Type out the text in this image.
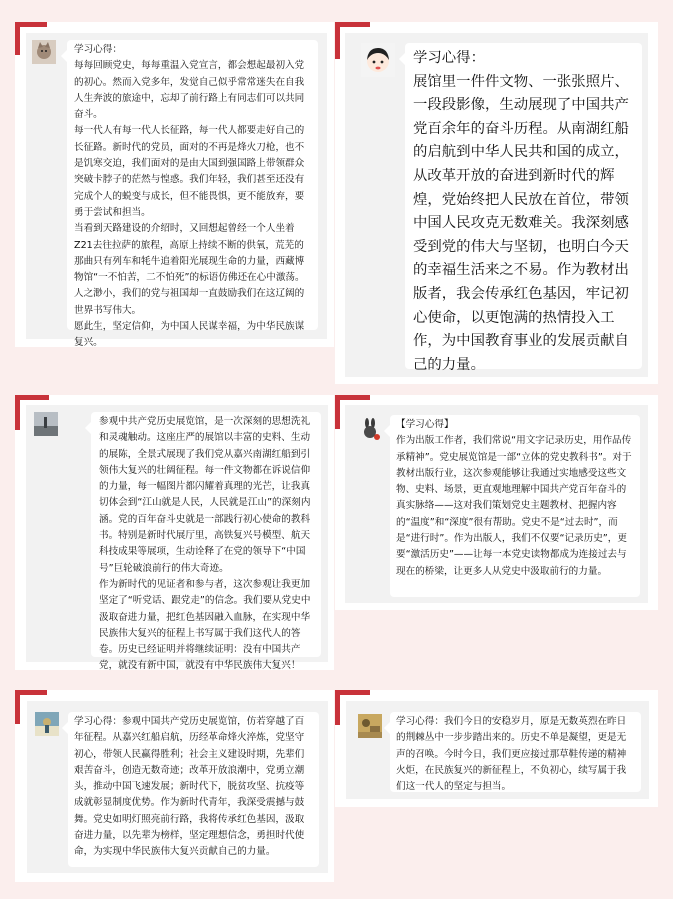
学习心得：

每每回顾党史，每每重温入党宣言，都会想起最初入党的初心。然而入党多年，发觉自己似乎常常迷失在自我人生奔波的旅途中，忘却了前行路上有同志们可以共同奋斗。

每一代人有每一代人长征路，每一代人都要走好自己的长征路。新时代的党员，面对的不再是烽火刀枪，也不是饥寒交迫，我们面对的是由大国到强国路上带领群众突破卡脖子的茫然与惶惑。我们年轻，我们甚至还没有完成个人的蜕变与成长，但不能畏惧，更不能放弃，要勇于尝试和担当。

当看到天路建设的介绍时，又回想起曾经一个人坐着Z21去往拉萨的旅程，高原上持续不断的供氧，荒芜的那曲只有列车和牦牛追着阳光展现生命的力量，西藏博物馆“一不怕苦，二不怕死”的标语仿佛还在心中激荡。人之渺小，我们的党与祖国却一直鼓励我们在这辽阔的世界书写伟大。

愿此生，坚定信仰，为中国人民谋幸福，为中华民族谋复兴。

学习心得：

展馆里一件件文物、一张张照片、一段段影像，生动展现了中国共产党百余年的奋斗历程。从南湖红船的启航到中华人民共和国的成立，从改革开放的奋进到新时代的辉煌，党始终把人民放在首位，带领中国人民攻克无数难关。我深刻感受到党的伟大与坚韧，也明白今天的幸福生活来之不易。作为教材出版者，我会传承红色基因，牢记初心使命，以更饱满的热情投入工作，为中国教育事业的发展贡献自己的力量。

参观中共产党历史展览馆，是一次深刻的思想洗礼和灵魂触动。这座庄严的展馆以丰富的史料、生动的展陈，全景式展现了我们党从嘉兴南湖红船到引领伟大复兴的壮阔征程。每一件文物都在诉说信仰的力量，每一幅图片都闪耀着真理的光芒，让我真切体会到“江山就是人民，人民就是江山”的深刻内涵。党的百年奋斗史就是一部践行初心使命的教科书。特别是新时代展厅里，高铁复兴号模型、航天科技成果等展项，生动诠释了在党的领导下“中国号”巨轮破浪前行的伟大奇迹。

作为新时代的见证者和参与者，这次参观让我更加坚定了“听党话、跟党走”的信念。我们要从党史中汲取奋进力量，把红色基因融入血脉，在实现中华民族伟大复兴的征程上书写属于我们这代人的答卷。历史已经证明并将继续证明：没有中国共产党，就没有新中国，就没有中华民族伟大复兴！

【学习心得】

作为出版工作者，我们常说“用文字记录历史，用作品传承精神”。党史展览馆是一部“立体的党史教科书”。对于教材出版行业，这次参观能够让我通过实地感受这些文物、史料、场景，更直观地理解中国共产党百年奋斗的真实脉络——这对我们策划党史主题教材、把握内容的“温度”和“深度”很有帮助。党史不是“过去时”，而是“进行时”。作为出版人，我们不仅要“记录历史”，更要“激活历史”——让每一本党史读物都成为连接过去与现在的桥梁，让更多人从党史中汲取前行的力量。

学习心得：参观中国共产党历史展览馆，仿若穿越了百年征程。从嘉兴红船启航，历经革命烽火淬炼，党坚守初心，带领人民赢得胜利；社会主义建设时期，先辈们艰苦奋斗，创造无数奇迹；改革开放浪潮中，党勇立潮头，推动中国飞速发展；新时代下，脱贫攻坚、抗疫等成就彰显制度优势。作为新时代青年，我深受震撼与鼓舞。党史如明灯照亮前行路，我将传承红色基因，汲取奋进力量，以先辈为榜样，坚定理想信念，勇担时代使命，为实现中华民族伟大复兴贡献自己的力量。

学习心得：我们今日的安稳岁月，原是无数英烈在昨日的荆棘丛中一步步踏出来的。历史不单是凝望，更是无声的召唤。今时今日，我们更应接过那草鞋传递的精神火炬，在民族复兴的新征程上，不负初心，续写属于我们这一代人的坚定与担当。
